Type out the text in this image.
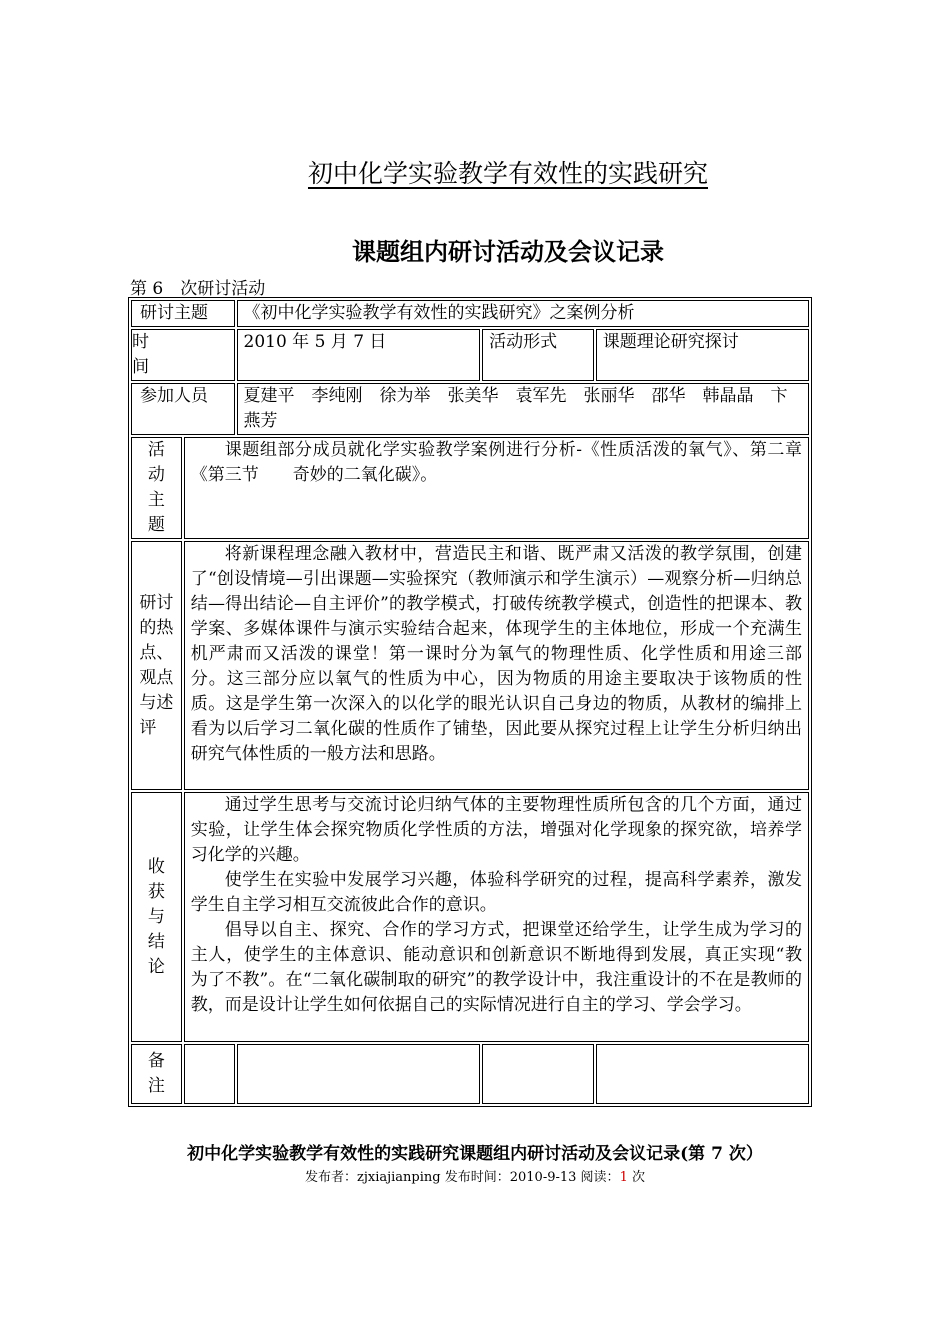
初中化学实验教学有效性的实践研究
课题组内研讨活动及会议记录
第 6　次研讨活动
研讨主题		《初中化学实验教学有效性的实践研究》之案例分析		

时间		2010 年 5 月 7 日	活动形式	课题理论研究探讨
参加人员		夏建平　李纯刚　徐为举　张美华　袁军先　张丽华　邵华　韩晶晶　卞燕芳		

活动主题	课题组部分成员就化学实验教学案例进行分析-《性质活泼的氧气》、第二章《第三节　　奇妙的二氧化碳》。			

研讨的热点、观点与述评	将新课程理念融入教材中，营造民主和谐、既严肃又活泼的教学氛围，创建了“创设情境—引出课题—实验探究（教师演示和学生演示）—观察分析—归纳总结—得出结论—自主评价”的教学模式，打破传统教学模式，创造性的把课本、教学案、多媒体课件与演示实验结合起来，体现学生的主体地位，形成一个充满生机严肃而又活泼的课堂！第一课时分为氧气的物理性质、化学性质和用途三部分。这三部分应以氧气的性质为中心，因为物质的用途主要取决于该物质的性质。这是学生第一次深入的以化学的眼光认识自己身边的物质，从教材的编排上看为以后学习二氧化碳的性质作了铺垫，因此要从探究过程上让学生分析归纳出研究气体性质的一般方法和思路。			

收获与结论	通过学生思考与交流讨论归纳气体的主要物理性质所包含的几个方面，通过实验，让学生体会探究物质化学性质的方法，增强对化学现象的探究欲，培养学习化学的兴趣。

使学生在实验中发展学习兴趣，体验科学研究的过程，提高科学素养，激发学生自主学习相互交流彼此合作的意识。

倡导以自主、探究、合作的学习方式，把课堂还给学生，让学生成为学习的主人，使学生的主体意识、能动意识和创新意识不断地得到发展，真正实现“教　为了不教”。在“二氧化碳制取的研究”的教学设计中，我注重设计的不在是教师的教，而是设计让学生如何依据自己的实际情况进行自主的学习、学会学习。			

备注				

初中化学实验教学有效性的实践研究课题组内研讨活动及会议记录(第 7 次）
发布者：zjxiajianping 发布时间：2010-9-13 阅读：1 次
